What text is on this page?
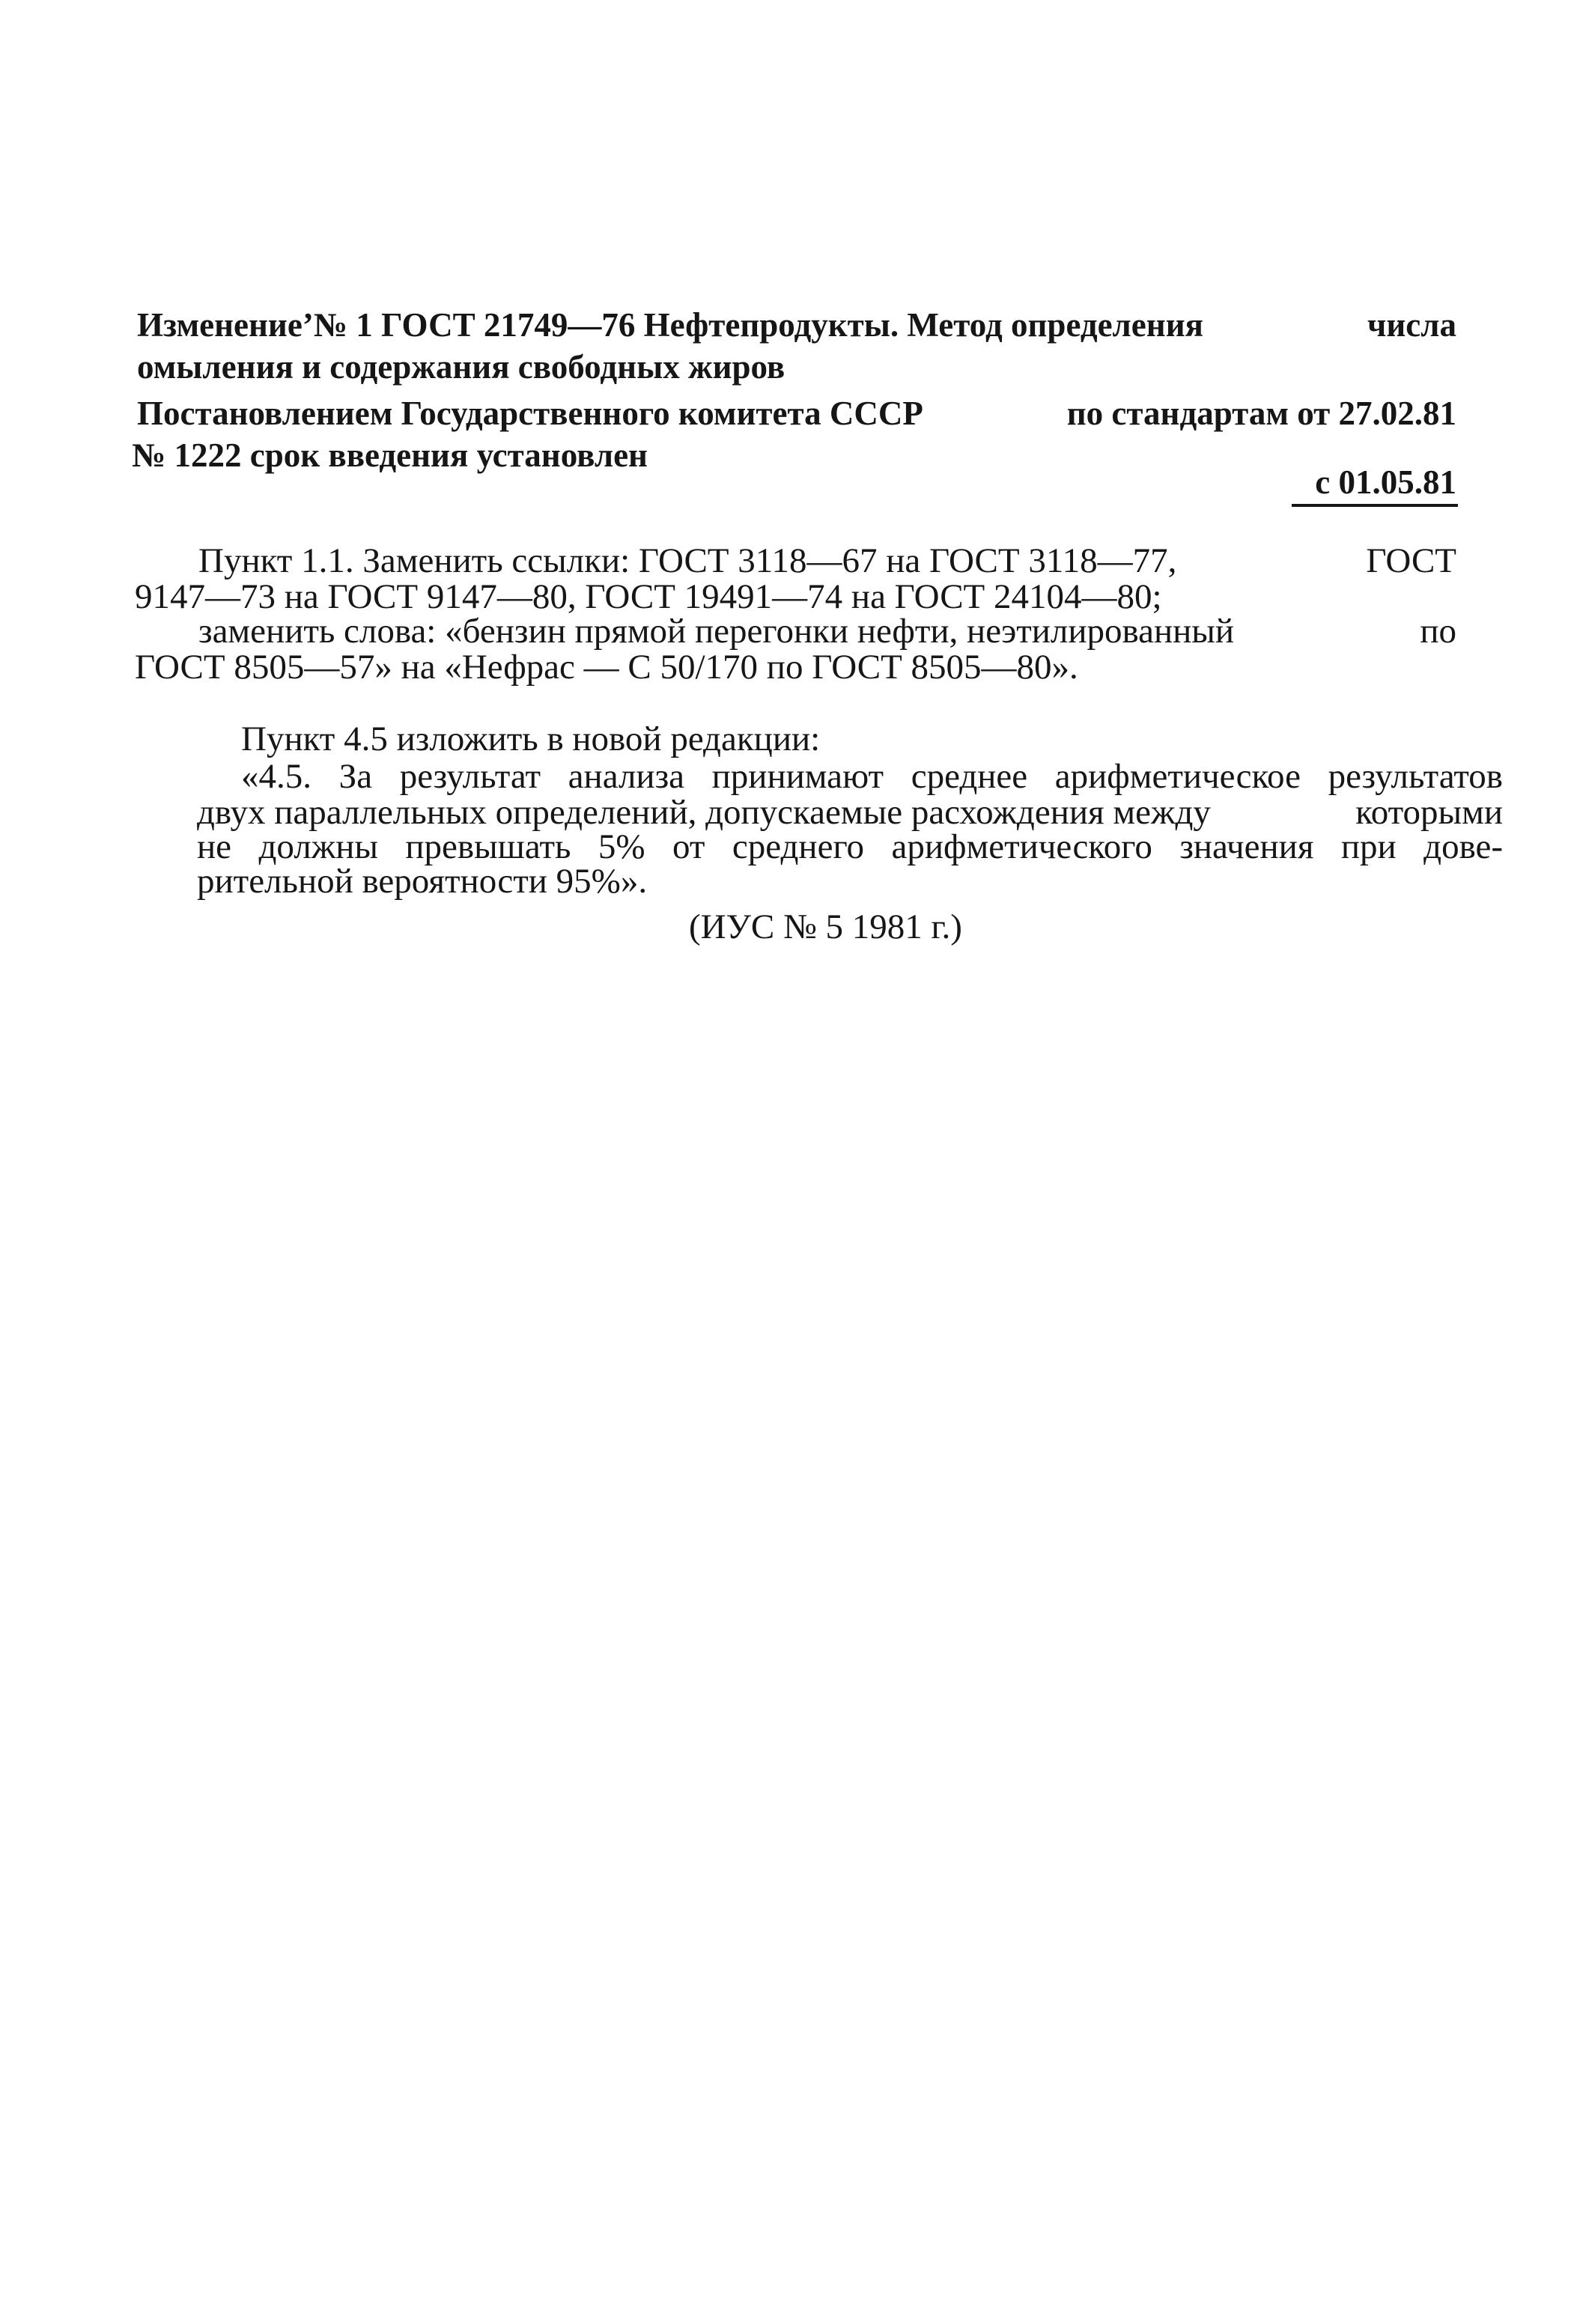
Изменение’№ 1 ГОСТ 21749—76 Нефтепродукты. Метод определения	числа
омыления и содержания свободных жиров
Постановлением Государственного комитета СССР	по стандартам от 27.02.81
№ 1222 срок введения установлен
с 01.05.81
Пункт 1.1. Заменить ссылки: ГОСТ 3118—67 на ГОСТ 3118—77,	ГОСТ
9147—73 на ГОСТ 9147—80, ГОСТ 19491—74 на ГОСТ 24104—80;
заменить слова: «бензин прямой перегонки нефти, неэтилированный	по
ГОСТ 8505—57» на «Нефрас — С 50/170 по ГОСТ 8505—80».
Пункт 4.5 изложить в новой редакции:
«4.5. За результат анализа принимают среднее арифметическое результатов
двух параллельных определений, допускаемые расхождения между	которыми
не должны превышать 5% от среднего арифметического значения при дове-
рительной вероятности 95%».
(ИУС № 5 1981 г.)
